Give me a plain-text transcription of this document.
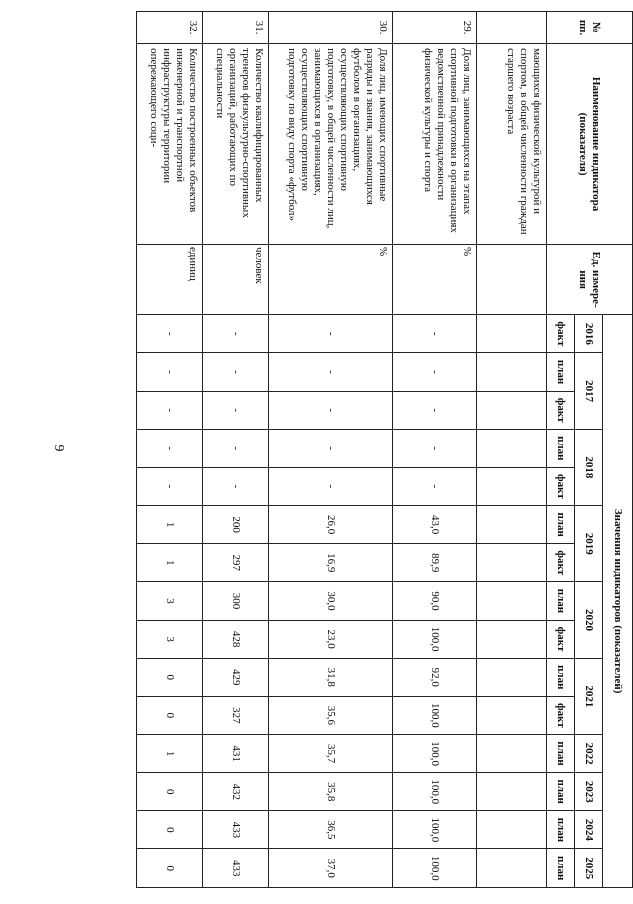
9
№ пп.	Наименование индикатора (показателя)	Ед. измере-ния	Значения индикаторов (показателей)														
			2016	2017		2018		2019		2020		2021		2022	2023	2024	2025
			факт	план	факт	план	факт	план	факт	план	факт	план	факт	план	план	план	план
	мающихся физической культурой и спортом, в общей численности граждан старшего возраста																
29.	Доля лиц, занимающихся на этапах спортивной подготовки в организациях ведомственной принадлежности физической культуры и спорта	%	-	-	-	-	-	43,0	89,9	90,0	100,0	92,0	100,0	100,0	100,0	100,0	100,0
30.	Доля лиц, имеющих спортивные разряды и звания, занимающихся футболом в организациях, осуществляющих спортивную подготовку, в общей численности лиц, занимающихся в организациях, осуществляющих спортивную подготовку по виду спорта «футбол»	%	-	-	-	-	-	26,0	16,9	30,0	23,0	31,8	35,6	35,7	35,8	36,5	37,0
31.	Количество квалифицированных тренеров физкультурно-спортивных организаций, работающих по специальности	человек	-	-	-	-	-	200	297	300	428	429	327	431	432	433	433
32.	Количество построенных объектов инженерной и транспортной инфраструктуры территории опережающего соци-	единиц	-	-	-	-	-	1	1	3	3	0	0	1	0	0	0
